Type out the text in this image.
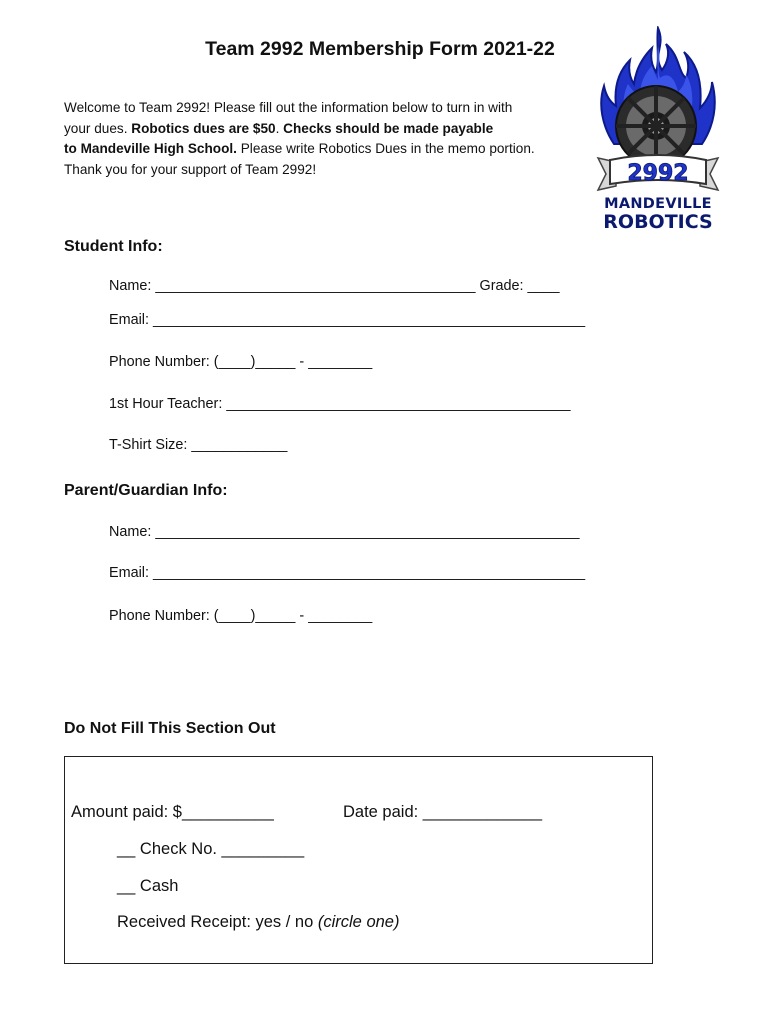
Team 2992 Membership Form 2021-22
Welcome to Team 2992! Please fill out the information below to turn in with
your dues. Robotics dues are $50. Checks should be made payable
to Mandeville High School. Please write Robotics Dues in the memo portion.
Thank you for your support of Team 2992!	2992
MANDEVILLE
ROBOTICS
Student Info:
Name: ________________________________________ Grade: ____
Email: ______________________________________________________
Phone Number: (____)_____ - ________
1st Hour Teacher: ___________________________________________
T-Shirt Size: ____________
Parent/Guardian Info:
Name: _____________________________________________________
Email: ______________________________________________________
Phone Number: (____)_____ - ________
Do Not Fill This Section Out
Amount paid: $__________	Date paid: _____________
__ Check No. _________
__ Cash
Received Receipt: yes / no (circle one)
